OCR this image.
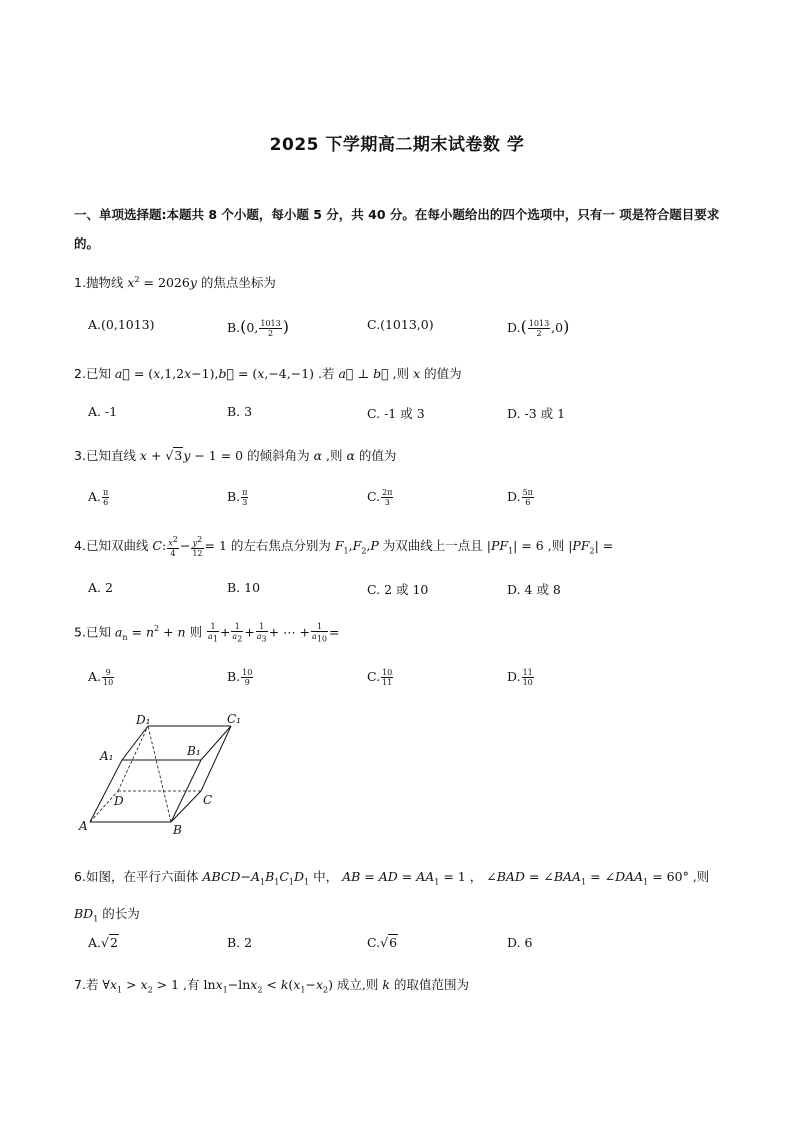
2025 下学期高二期末试卷数 学
一、单项选择题:本题共 8 个小题，每小题 5 分，共 40 分。在每小题给出的四个选项中，只有一 项是符合题目要求的。
1.抛物线 $x^2 = 2026y$ 的焦点坐标为
A.(0,1013)	B.(0, $\frac{1013}{2}$ )	C.(1013,0)	$D.( \frac{1013}{2} ,0)$
2.已知 a⃗ = (x,1,2x−1),b⃗ = (x,−4,−1) .若 a⃗ ⊥ b⃗ ,则 x 的值为
A. -1	B. 3	C. -1 或 3	D. -3 或 1
3.已知直线 x + √3y − 1 = 0 的倾斜角为 α ,则 α 的值为
A. $\frac{\pi}{6}$	B. $\frac{\pi}{3}$	C. $\frac{2\pi}{3}$	D. $\frac{5\pi}{6}$
4.已知双曲线 C: $\frac{x^2}{4} - \frac{y^2}{12} = 1$ 的左右焦点分别为 $F_1,F_2,P$ 为双曲线上一点且 $|PF_1| = 6$ ,则 $|PF_2|$ =
A. 2	B. 10	C. 2 或 10	D. 4 或 8
5.已知 $a_n = n^2 + n$ 则 $\frac{1}{a_1} + \frac{1}{a_2} + \frac{1}{a_3}$ + ⋯ + $\frac{1}{a_{10}}$ =
A. $\frac{9}{10}$	B. $\frac{10}{9}$	C. $\frac{10}{11}$	D. $\frac{11}{10}$
D₁	C₁
A₁	B₁
D	C
A	B
6.如图，在平行六面体 $ABCD-A_1B_1C_1D_1$ 中， AB = AD = $AA_1 = 1$ ， ∠BAD = $\angle BAA_1$ = $\angle DAA_1 = 60^\circ$ ,则 $BD_1$ 的长为
A.√2	B. 2	C.√6	D. 6
7.若 $\forall x_1 > x_2 > 1$ ,有 $\ln x_1-\ln x_2 < k(x_1-x_2)$ 成立,则 k 的取值范围为
